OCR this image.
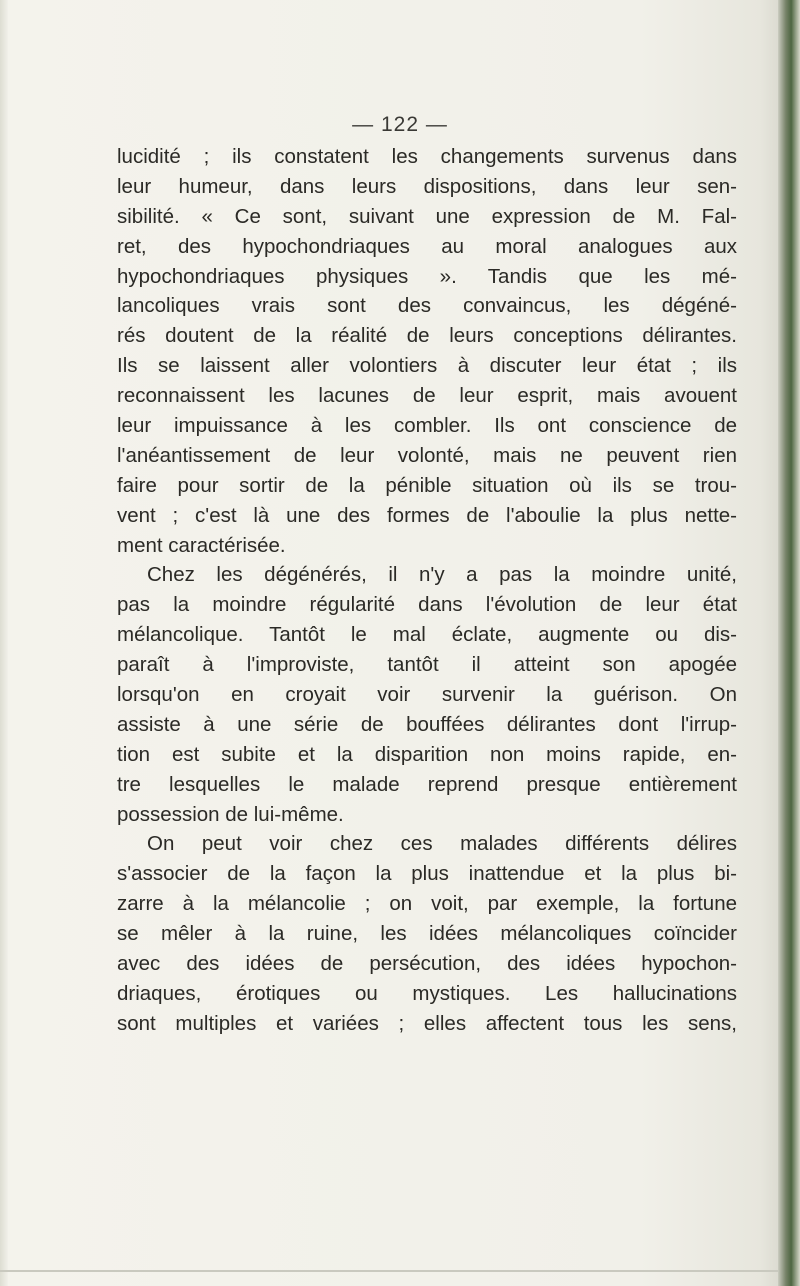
— 122 —
lucidité ; ils constatent les changements survenus dans
leur humeur, dans leurs dispositions, dans leur sen-
sibilité. « Ce sont, suivant une expression de M. Fal-
ret, des hypochondriaques au moral analogues aux
hypochondriaques physiques ». Tandis que les mé-
lancoliques vrais sont des convaincus, les dégéné-
rés doutent de la réalité de leurs conceptions délirantes.
Ils se laissent aller volontiers à discuter leur état ; ils
reconnaissent les lacunes de leur esprit, mais avouent
leur impuissance à les combler. Ils ont conscience de
l'anéantissement de leur volonté, mais ne peuvent rien
faire pour sortir de la pénible situation où ils se trou-
vent ; c'est là une des formes de l'aboulie la plus nette-
ment caractérisée.
Chez les dégénérés, il n'y a pas la moindre unité,
pas la moindre régularité dans l'évolution de leur état
mélancolique. Tantôt le mal éclate, augmente ou dis-
paraît à l'improviste, tantôt il atteint son apogée
lorsqu'on en croyait voir survenir la guérison. On
assiste à une série de bouffées délirantes dont l'irrup-
tion est subite et la disparition non moins rapide, en-
tre lesquelles le malade reprend presque entièrement
possession de lui-même.
On peut voir chez ces malades différents délires
s'associer de la façon la plus inattendue et la plus bi-
zarre à la mélancolie ; on voit, par exemple, la fortune
se mêler à la ruine, les idées mélancoliques coïncider
avec des idées de persécution, des idées hypochon-
driaques, érotiques ou mystiques. Les hallucinations
sont multiples et variées ; elles affectent tous les sens,
